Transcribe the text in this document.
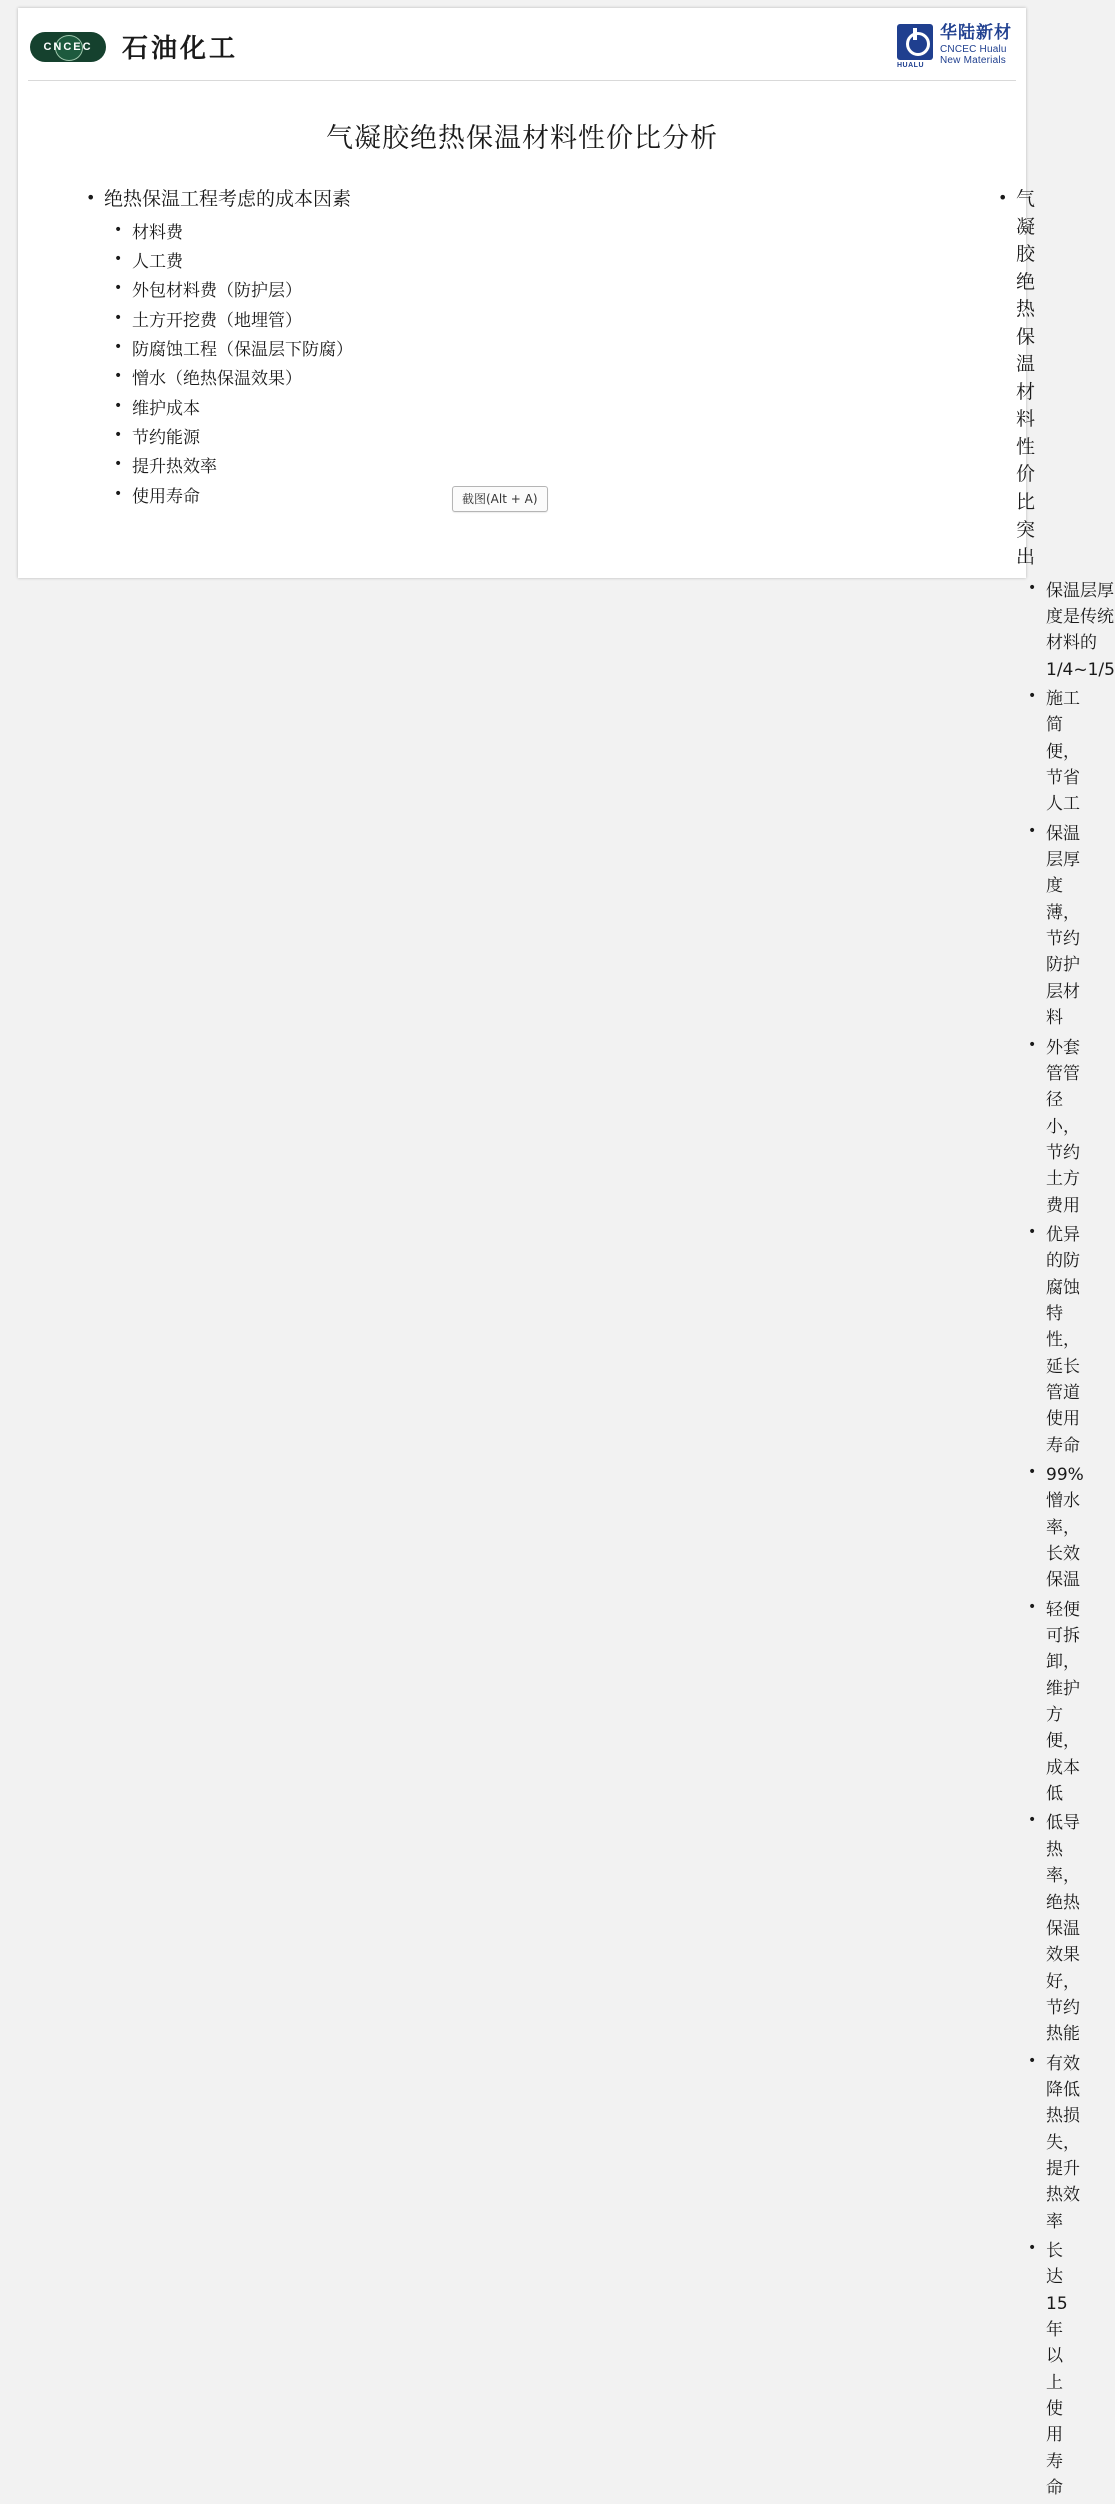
CNCEC 石油化工
HUALU
华陆新材
CNCEC Hualu
New Materials
气凝胶绝热保温材料性价比分析
• 绝热保温工程考虑的成本因素
• 材料费
• 人工费
• 外包材料费（防护层）
• 土方开挖费（地埋管）
• 防腐蚀工程（保温层下防腐）
• 憎水（绝热保温效果）
• 维护成本
• 节约能源
• 提升热效率
• 使用寿命
• 气凝胶绝热保温材料性价比突出
• 保温层厚度是传统材料的1/4~1/5
• 施工简便，节省人工
• 保温层厚度薄，节约防护层材料
• 外套管管径小，节约土方费用
• 优异的防腐蚀特性，延长管道使用寿命
• 99%憎水率，长效保温
• 轻便可拆卸，维护方便，成本低
• 低导热率，绝热保温效果好，节约热能
• 有效降低热损失，提升热效率
• 长达 15年以上使用寿命
截图(Alt + A)
